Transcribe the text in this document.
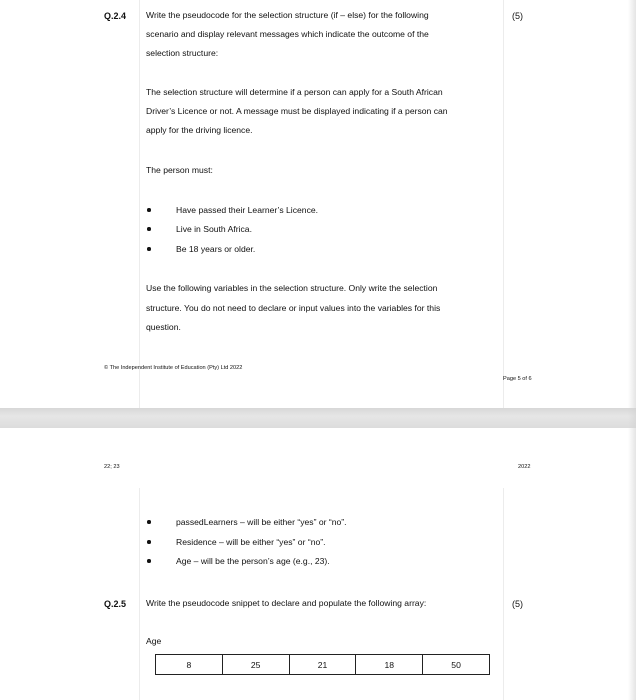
Q.2.4	(5)
Write the pseudocode for the selection structure (if – else) for the following
scenario and display relevant messages which indicate the outcome of the
selection structure:
The selection structure will determine if a person can apply for a South African
Driver’s Licence or not. A message must be displayed indicating if a person can
apply for the driving licence.
The person must:
Have passed their Learner’s Licence.
Live in South Africa.
Be 18 years or older.
Use the following variables in the selection structure. Only write the selection
structure. You do not need to declare or input values into the variables for this
question.
© The Independent Institute of Education (Pty) Ltd 2022
Page 5 of 6
22; 23	2022
passedLearners – will be either “yes” or “no”.
Residence – will be either “yes” or “no”.
Age – will be the person’s age (e.g., 23).
Q.2.5 Write the pseudocode snippet to declare and populate the following array:	(5)
Age
8	25	21	18	50
